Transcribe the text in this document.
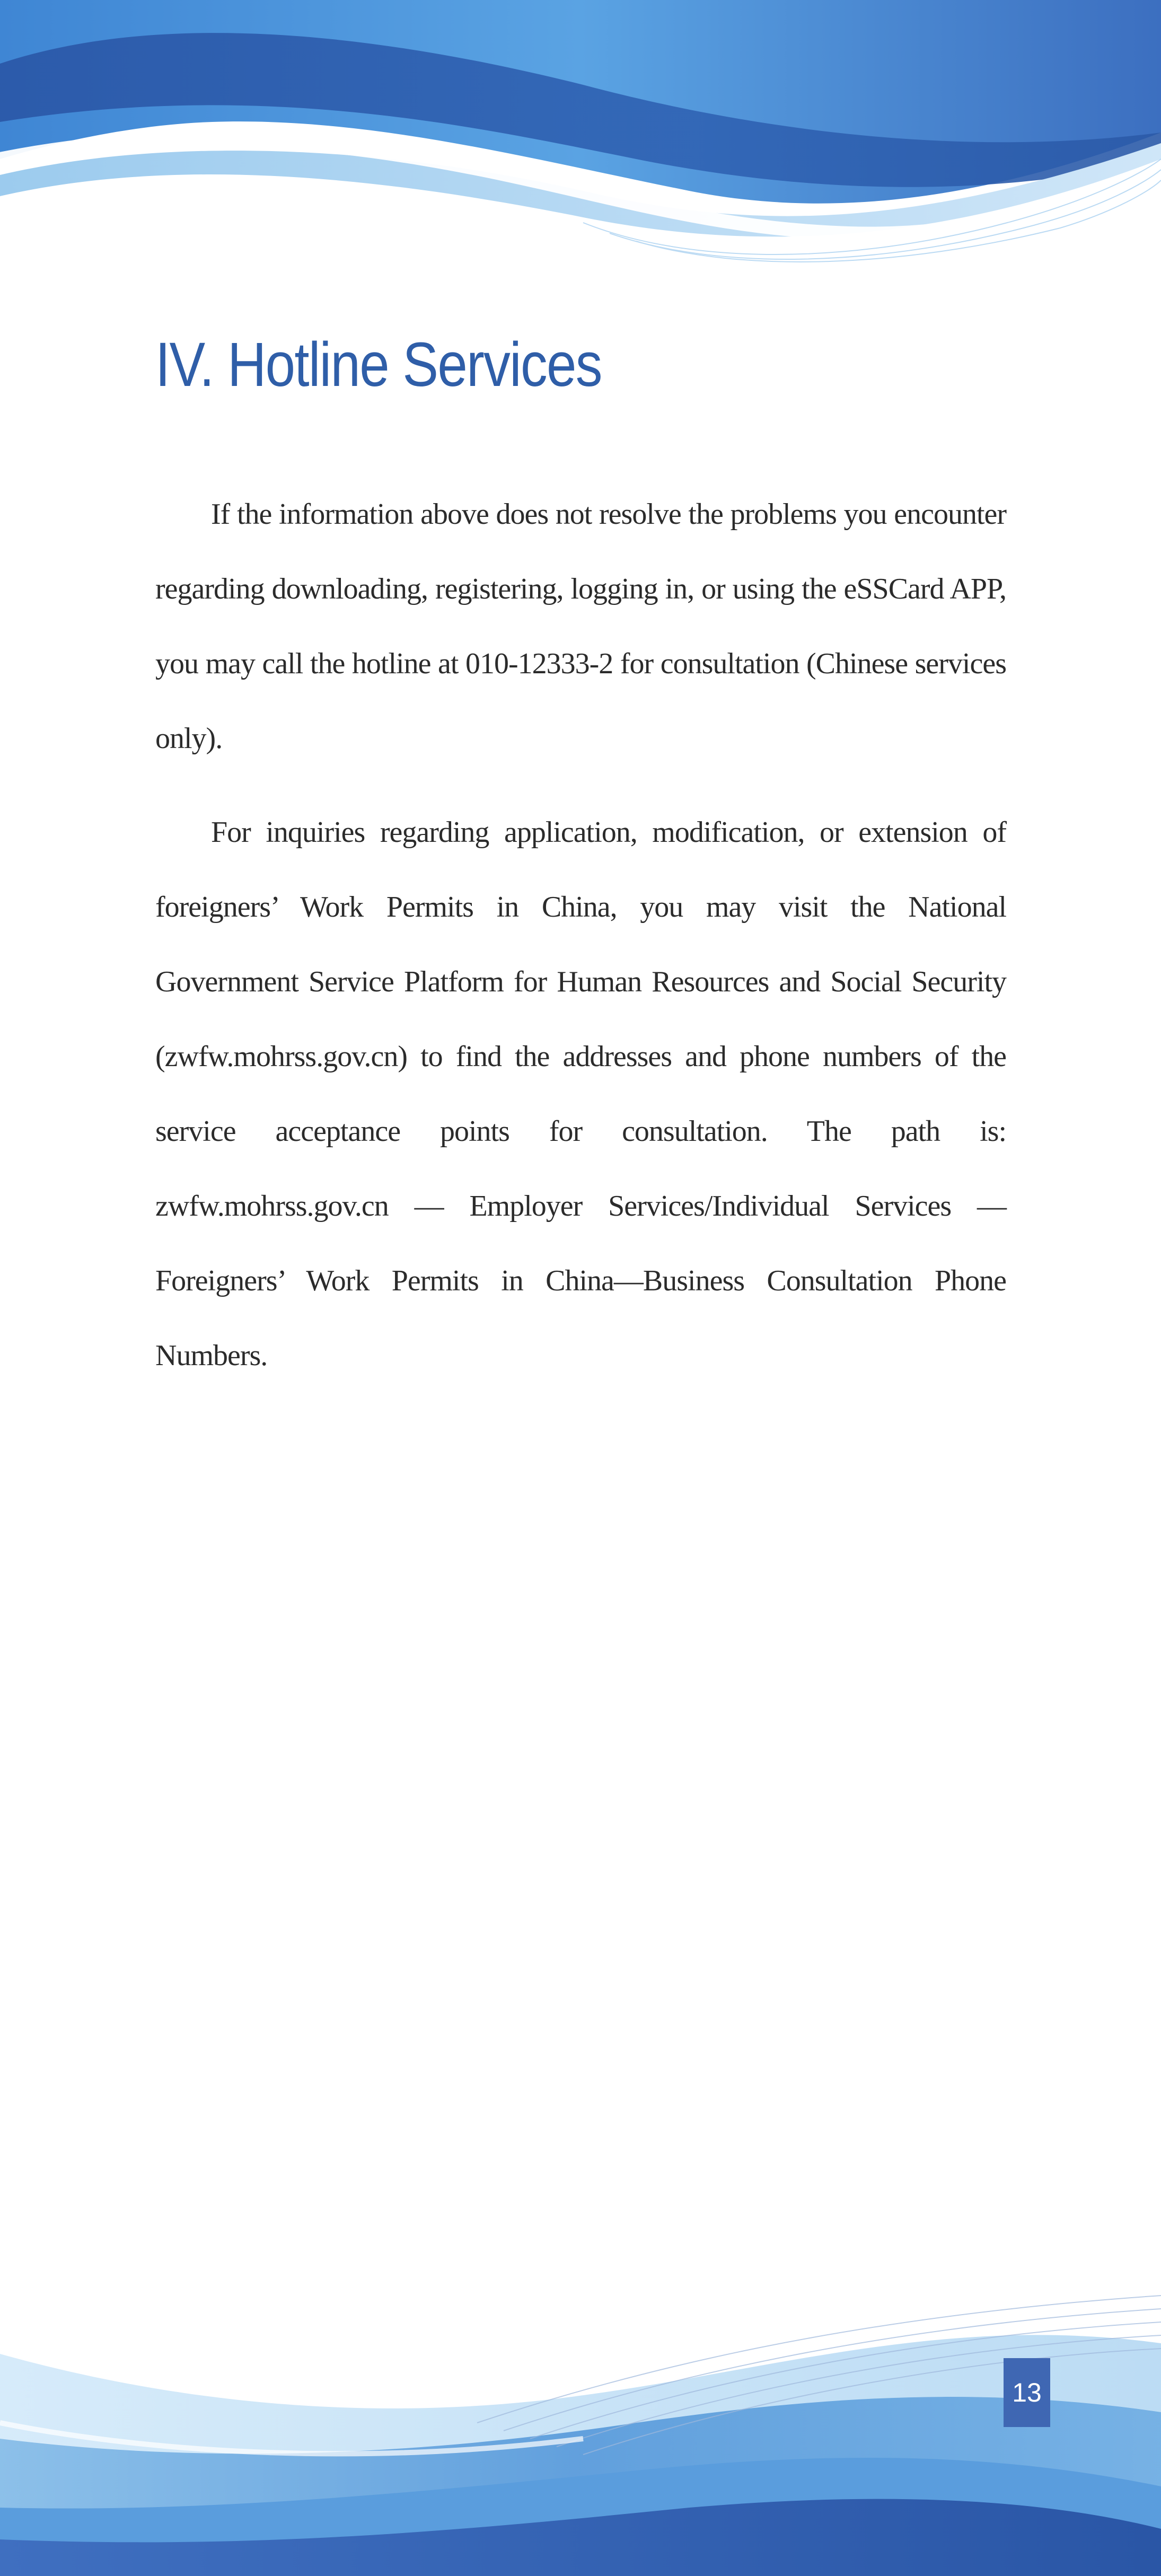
IV. Hotline Services

If the information above does not resolve the problems you encounter regarding downloading, registering, logging in, or using the eSSCard APP, you may call the hotline at 010-12333-2 for consultation (Chinese services only).

For inquiries regarding application, modification, or extension of foreigners’ Work Permits in China, you may visit the National Government Service Platform for Human Resources and Social Security (zwfw.mohrss.gov.cn) to find the addresses and phone numbers of the service acceptance points for consultation. The path is: zwfw.mohrss.gov.cn — Employer Services/Individual Services — Foreigners’ Work Permits in China—Business Consultation Phone Numbers.

13
